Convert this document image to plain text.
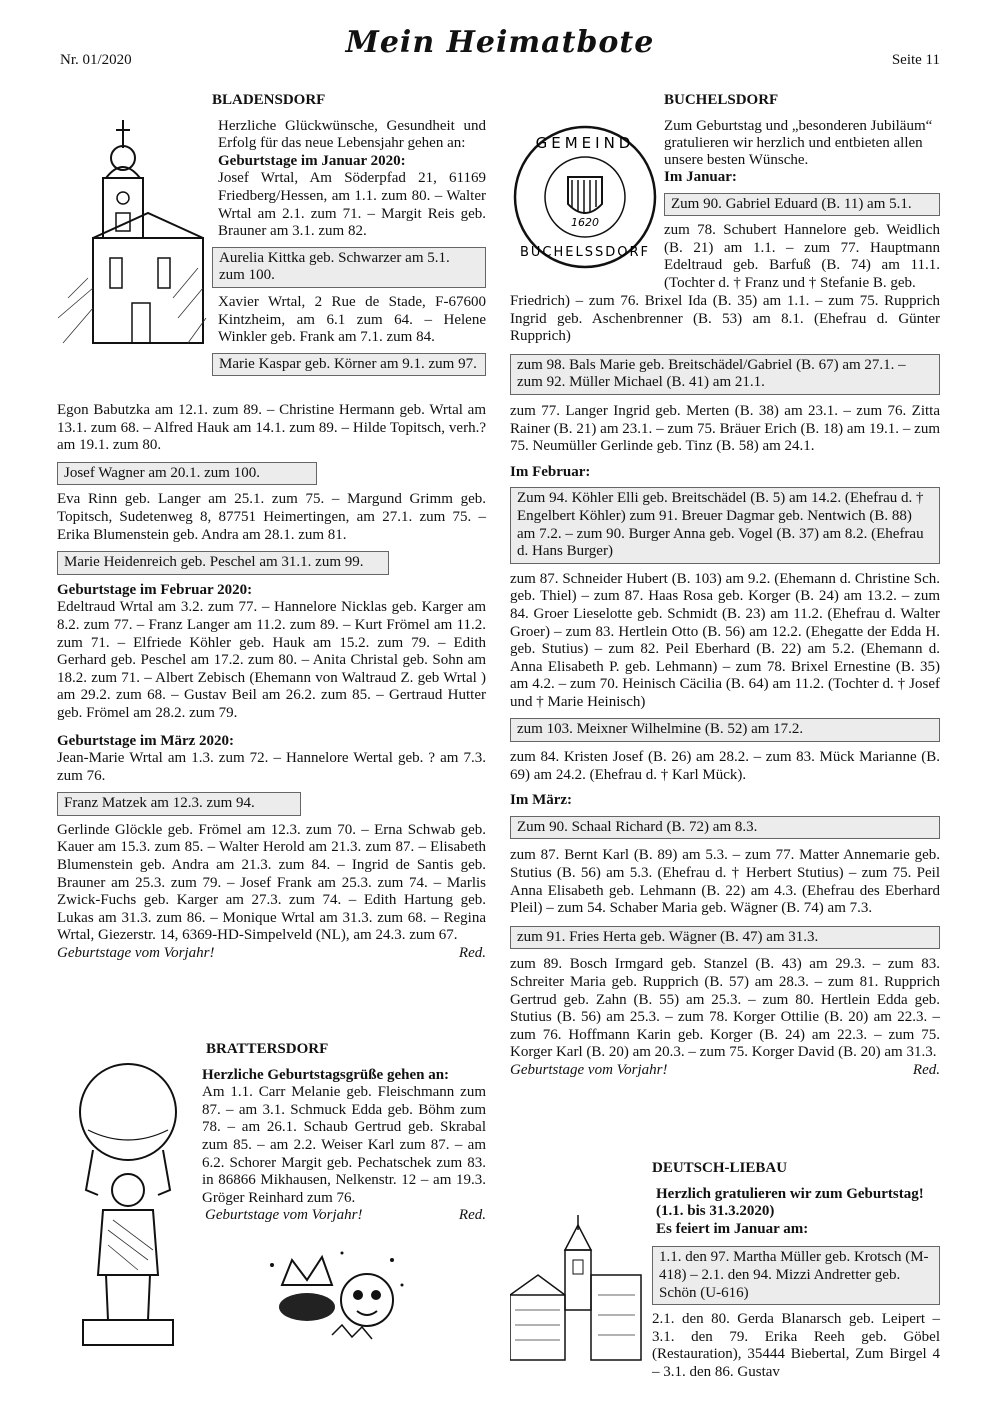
Nr. 01/2020	Mein Heimatbote	Seite 11

BLADENSDORF

Herzliche Glückwünsche, Gesundheit und Erfolg für das neue Lebensjahr gehen an:

Geburtstage im Januar 2020:

Josef Wrtal, Am Söderpfad 21, 61169 Friedberg/Hessen, am 1.1. zum 80. – Walter Wrtal am 2.1. zum 71. – Margit Reis geb. Brauner am 3.1. zum 82.

Aurelia Kittka geb. Schwarzer am 5.1. zum 100.

Xavier Wrtal, 2 Rue de Stade, F-67600 Kintzheim, am 6.1 zum 64. – Helene Winkler geb. Frank am 7.1. zum 84.

Marie Kaspar geb. Körner am 9.1. zum 97.

Egon Babutzka am 12.1. zum 89. – Christine Hermann geb. Wrtal am 13.1. zum 68. – Alfred Hauk am 14.1. zum 89. – Hilde Topitsch, verh.? am 19.1. zum 80.

Josef Wagner am 20.1. zum 100.

Eva Rinn geb. Langer am 25.1. zum 75. – Margund Grimm geb. Topitsch, Sudetenweg 8, 87751 Heimertingen, am 27.1. zum 75. – Erika Blumenstein geb. Andra am 28.1. zum 81.

Marie Heidenreich geb. Peschel am 31.1. zum 99.

Geburtstage im Februar 2020:

Edeltraud Wrtal am 3.2. zum 77. – Hannelore Nicklas geb. Karger am 8.2. zum 77. – Franz Langer am 11.2. zum 89. – Kurt Frömel am 11.2. zum 71. – Elfriede Köhler geb. Hauk am 15.2. zum 79. – Edith Gerhard geb. Peschel am 17.2. zum 80. – Anita Christal geb. Sohn am 18.2. zum 71. – Albert Zebisch (Ehemann von Waltraud Z. geb Wrtal ) am 29.2. zum 68. – Gustav Beil am 26.2. zum 85. – Gertraud Hutter geb. Frömel am 28.2. zum 79.

Geburtstage im März 2020:

Jean-Marie Wrtal am 1.3. zum 72. – Hannelore Wertal geb. ? am 7.3. zum 76.

Franz Matzek am 12.3. zum 94.

Gerlinde Glöckle geb. Frömel am 12.3. zum 70. – Erna Schwab geb. Kauer am 15.3. zum 85. – Walter Herold am 21.3. zum 87. – Elisabeth Blumenstein geb. Andra am 21.3. zum 84. – Ingrid de Santis geb. Brauner am 25.3. zum 79. – Josef Frank am 25.3. zum 74. – Marlis Zwick-Fuchs geb. Karger am 27.3. zum 74. – Edith Hartung geb. Lukas am 31.3. zum 86. – Monique Wrtal am 31.3. zum 68. – Regina Wrtal, Giezerstr. 14, 6369-HD-Simpelveld (NL), am 24.3. zum 67.

Geburtstage vom Vorjahr!	Red.

BRATTERSDORF

Herzliche Geburtstagsgrüße gehen an:

Am 1.1. Carr Melanie geb. Fleischmann zum 87. – am 3.1. Schmuck Edda geb. Böhm zum 78. – am 26.1. Schaub Gertrud geb. Skrabal zum 85. – am 2.2. Weiser Karl zum 87. – am 6.2. Schorer Margit geb. Pechatschek zum 83. in 86866 Mikhausen, Nelkenstr. 12 – am 19.3. Gröger Reinhard zum 76.

Geburtstage vom Vorjahr!	Red.

BUCHELSDORF

1620
GEMEIND
BUCHELSSDORF

Zum Geburtstag und „besonderen Jubiläum“ gratulieren wir herzlich und entbieten allen unsere besten Wünsche.

Im Januar:

Zum 90. Gabriel Eduard (B. 11) am 5.1.

zum 78. Schubert Hannelore geb. Weidlich (B. 21) am 1.1. – zum 77. Hauptmann Edeltraud geb. Barfuß (B. 74) am 11.1. (Tochter d. † Franz und † Stefanie B. geb.

Friedrich) – zum 76. Brixel Ida (B. 35) am 1.1. – zum 75. Rupprich Ingrid geb. Aschenbrenner (B. 53) am 8.1. (Ehefrau d. Günter Rupprich)

zum 98. Bals Marie geb. Breitschädel/Gabriel (B. 67) am 27.1. – zum 92. Müller Michael (B. 41) am 21.1.

zum 77. Langer Ingrid geb. Merten (B. 38) am 23.1. – zum 76. Zitta Rainer (B. 21) am 23.1. – zum 75. Bräuer Erich (B. 18) am 19.1. – zum 75. Neumüller Gerlinde geb. Tinz (B. 58) am 24.1.

Im Februar:

Zum 94. Köhler Elli geb. Breitschädel (B. 5) am 14.2. (Ehefrau d. † Engelbert Köhler) zum 91. Breuer Dagmar geb. Nentwich (B. 88) am 7.2. – zum 90. Burger Anna geb. Vogel (B. 37) am 8.2. (Ehefrau d. Hans Burger)

zum 87. Schneider Hubert (B. 103) am 9.2. (Ehemann d. Christine Sch. geb. Thiel) – zum 87. Haas Rosa geb. Korger (B. 24) am 13.2. – zum 84. Groer Lieselotte geb. Schmidt (B. 23) am 11.2. (Ehefrau d. Walter Groer) – zum 83. Hertlein Otto (B. 56) am 12.2. (Ehegatte der Edda H. geb. Stutius) – zum 82. Peil Eberhard (B. 22) am 5.2. (Ehemann d. Anna Elisabeth P. geb. Lehmann) – zum 78. Brixel Ernestine (B. 35) am 4.2. – zum 70. Heinisch Cäcilia (B. 64) am 11.2. (Tochter d. † Josef und † Marie Heinisch)

zum 103. Meixner Wilhelmine (B. 52) am 17.2.

zum 84. Kristen Josef (B. 26) am 28.2. – zum 83. Mück Marianne (B. 69) am 24.2. (Ehefrau d. † Karl Mück).

Im März:

Zum 90. Schaal Richard (B. 72) am 8.3.

zum 87. Bernt Karl (B. 89) am 5.3. – zum 77. Matter Annemarie geb. Stutius (B. 56) am 5.3. (Ehefrau d. † Herbert Stutius) – zum 75. Peil Anna Elisabeth geb. Lehmann (B. 22) am 4.3. (Ehefrau des Eberhard Pleil) – zum 54. Schaber Maria geb. Wägner (B. 74) am 7.3.

zum 91. Fries Herta geb. Wägner (B. 47) am 31.3.

zum 89. Bosch Irmgard geb. Stanzel (B. 43) am 29.3. – zum 83. Schreiter Maria geb. Rupprich (B. 57) am 28.3. – zum 81. Rupprich Gertrud geb. Zahn (B. 55) am 25.3. – zum 80. Hertlein Edda geb. Stutius (B. 56) am 25.3. – zum 78. Korger Ottilie (B. 20) am 22.3. – zum 76. Hoffmann Karin geb. Korger (B. 24) am 22.3. – zum 75. Korger Karl (B. 20) am 20.3. – zum 75. Korger David (B. 20) am 31.3.

Geburtstage vom Vorjahr!	Red.

DEUTSCH-LIEBAU

Herzlich gratulieren wir zum Geburtstag!

(1.1. bis 31.3.2020)

Es feiert im Januar am:

1.1. den 97. Martha Müller geb. Krotsch (M-418) – 2.1. den 94. Mizzi Andretter geb. Schön (U-616)

2.1. den 80. Gerda Blanarsch geb. Leipert – 3.1. den 79. Erika Reeh geb. Göbel (Restauration), 35444 Biebertal, Zum Birgel 4 – 3.1. den 86. Gustav
